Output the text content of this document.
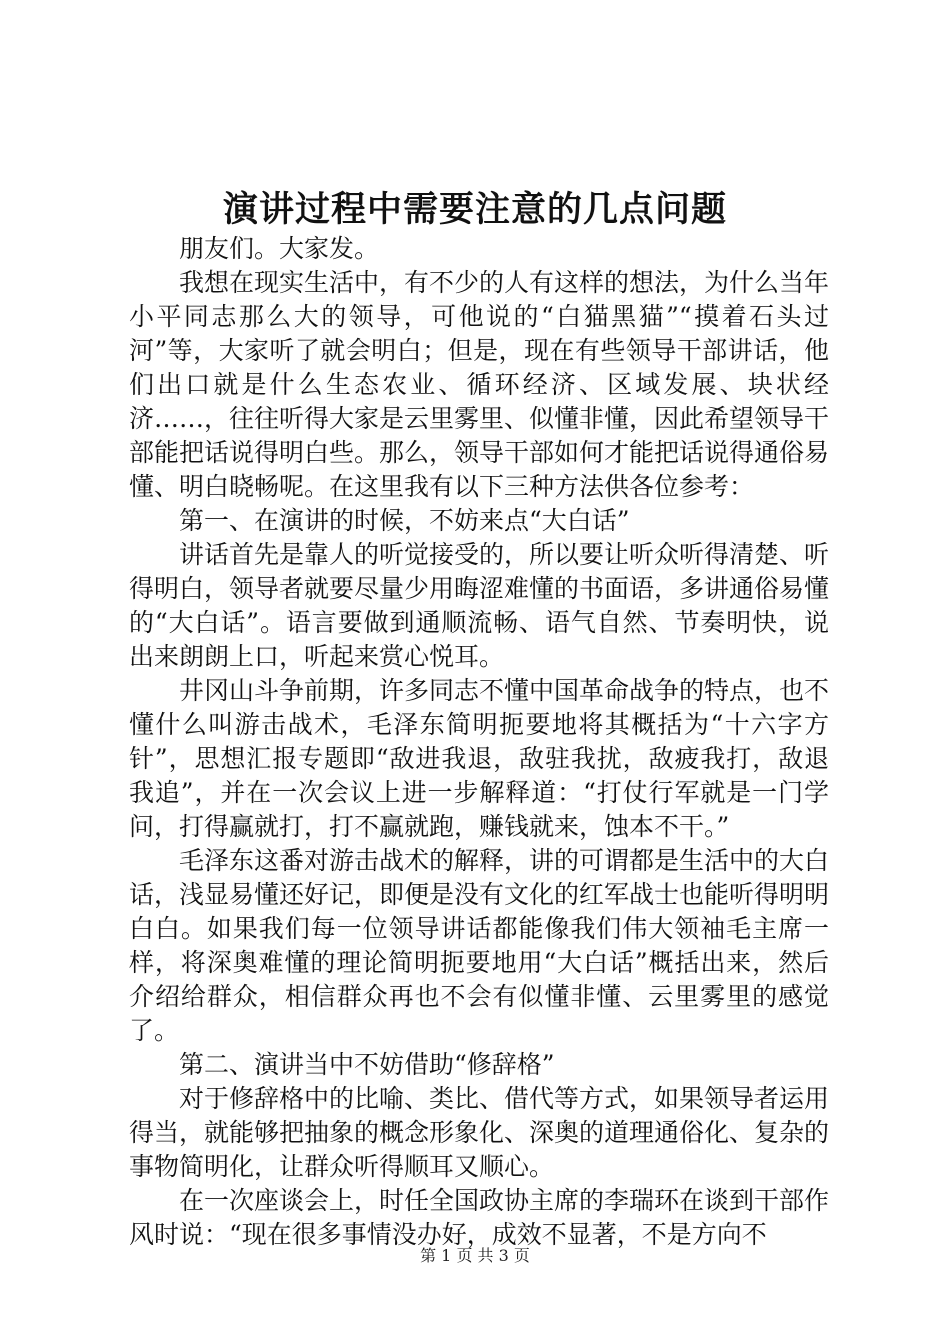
演讲过程中需要注意的几点问题

朋友们。大家发。

我想在现实生活中，有不少的人有这样的想法，为什么当年小平同志那么大的领导，可他说的“白猫黑猫”“摸着石头过河”等，大家听了就会明白；但是，现在有些领导干部讲话，他们出口就是什么生态农业、循环经济、区域发展、块状经济……，往往听得大家是云里雾里、似懂非懂，因此希望领导干部能把话说得明白些。那么，领导干部如何才能把话说得通俗易懂、明白晓畅呢。在这里我有以下三种方法供各位参考：

第一、在演讲的时候，不妨来点“大白话”

讲话首先是靠人的听觉接受的，所以要让听众听得清楚、听得明白，领导者就要尽量少用晦涩难懂的书面语，多讲通俗易懂的“大白话”。语言要做到通顺流畅、语气自然、节奏明快，说出来朗朗上口，听起来赏心悦耳。

井冈山斗争前期，许多同志不懂中国革命战争的特点，也不懂什么叫游击战术，毛泽东简明扼要地将其概括为“十六字方针”，思想汇报专题即“敌进我退，敌驻我扰，敌疲我打，敌退我追”，并在一次会议上进一步解释道：“打仗行军就是一门学问，打得赢就打，打不赢就跑，赚钱就来，蚀本不干。”

毛泽东这番对游击战术的解释，讲的可谓都是生活中的大白话，浅显易懂还好记，即便是没有文化的红军战士也能听得明明白白。如果我们每一位领导讲话都能像我们伟大领袖毛主席一样，将深奥难懂的理论简明扼要地用“大白话”概括出来，然后介绍给群众，相信群众再也不会有似懂非懂、云里雾里的感觉了。

第二、演讲当中不妨借助“修辞格”

对于修辞格中的比喻、类比、借代等方式，如果领导者运用得当，就能够把抽象的概念形象化、深奥的道理通俗化、复杂的事物简明化，让群众听得顺耳又顺心。

在一次座谈会上，时任全国政协主席的李瑞环在谈到干部作风时说：“现在很多事情没办好，成效不显著，不是方向不

第 1 页 共 3 页
